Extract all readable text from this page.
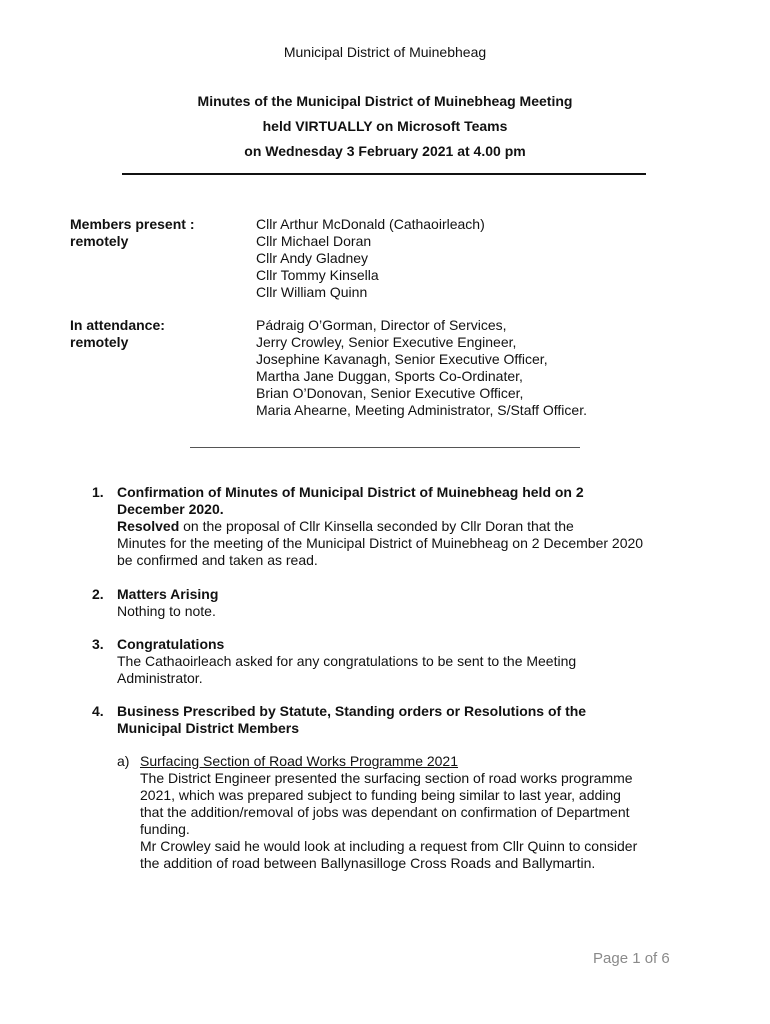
Municipal District of Muinebheag
Minutes of the Municipal District of Muinebheag Meeting
held VIRTUALLY on Microsoft Teams
on Wednesday 3 February 2021 at 4.00 pm
Members present :
remotely
Cllr Arthur McDonald (Cathaoirleach)
Cllr Michael Doran
Cllr Andy Gladney
Cllr Tommy Kinsella
Cllr William Quinn
In attendance:
remotely
Pádraig O’Gorman, Director of Services,
Jerry Crowley, Senior Executive Engineer,
Josephine Kavanagh, Senior Executive Officer,
Martha Jane Duggan, Sports Co-Ordinater,
Brian O’Donovan, Senior Executive Officer,
Maria Ahearne, Meeting Administrator, S/Staff Officer.
1. Confirmation of Minutes of Municipal District of Muinebheag held on 2
December 2020.
Resolved on the proposal of Cllr Kinsella seconded by Cllr Doran that the
Minutes for the meeting of the Municipal District of Muinebheag on 2 December 2020
be confirmed and taken as read.
2. Matters Arising
Nothing to note.
3. Congratulations
The Cathaoirleach asked for any congratulations to be sent to the Meeting
Administrator.
4. Business Prescribed by Statute, Standing orders or Resolutions of the
Municipal District Members
a) Surfacing Section of Road Works Programme 2021
The District Engineer presented the surfacing section of road works programme
2021, which was prepared subject to funding being similar to last year, adding
that the addition/removal of jobs was dependant on confirmation of Department
funding.
Mr Crowley said he would look at including a request from Cllr Quinn to consider
the addition of road between Ballynasilloge Cross Roads and Ballymartin.
Page 1 of 6
